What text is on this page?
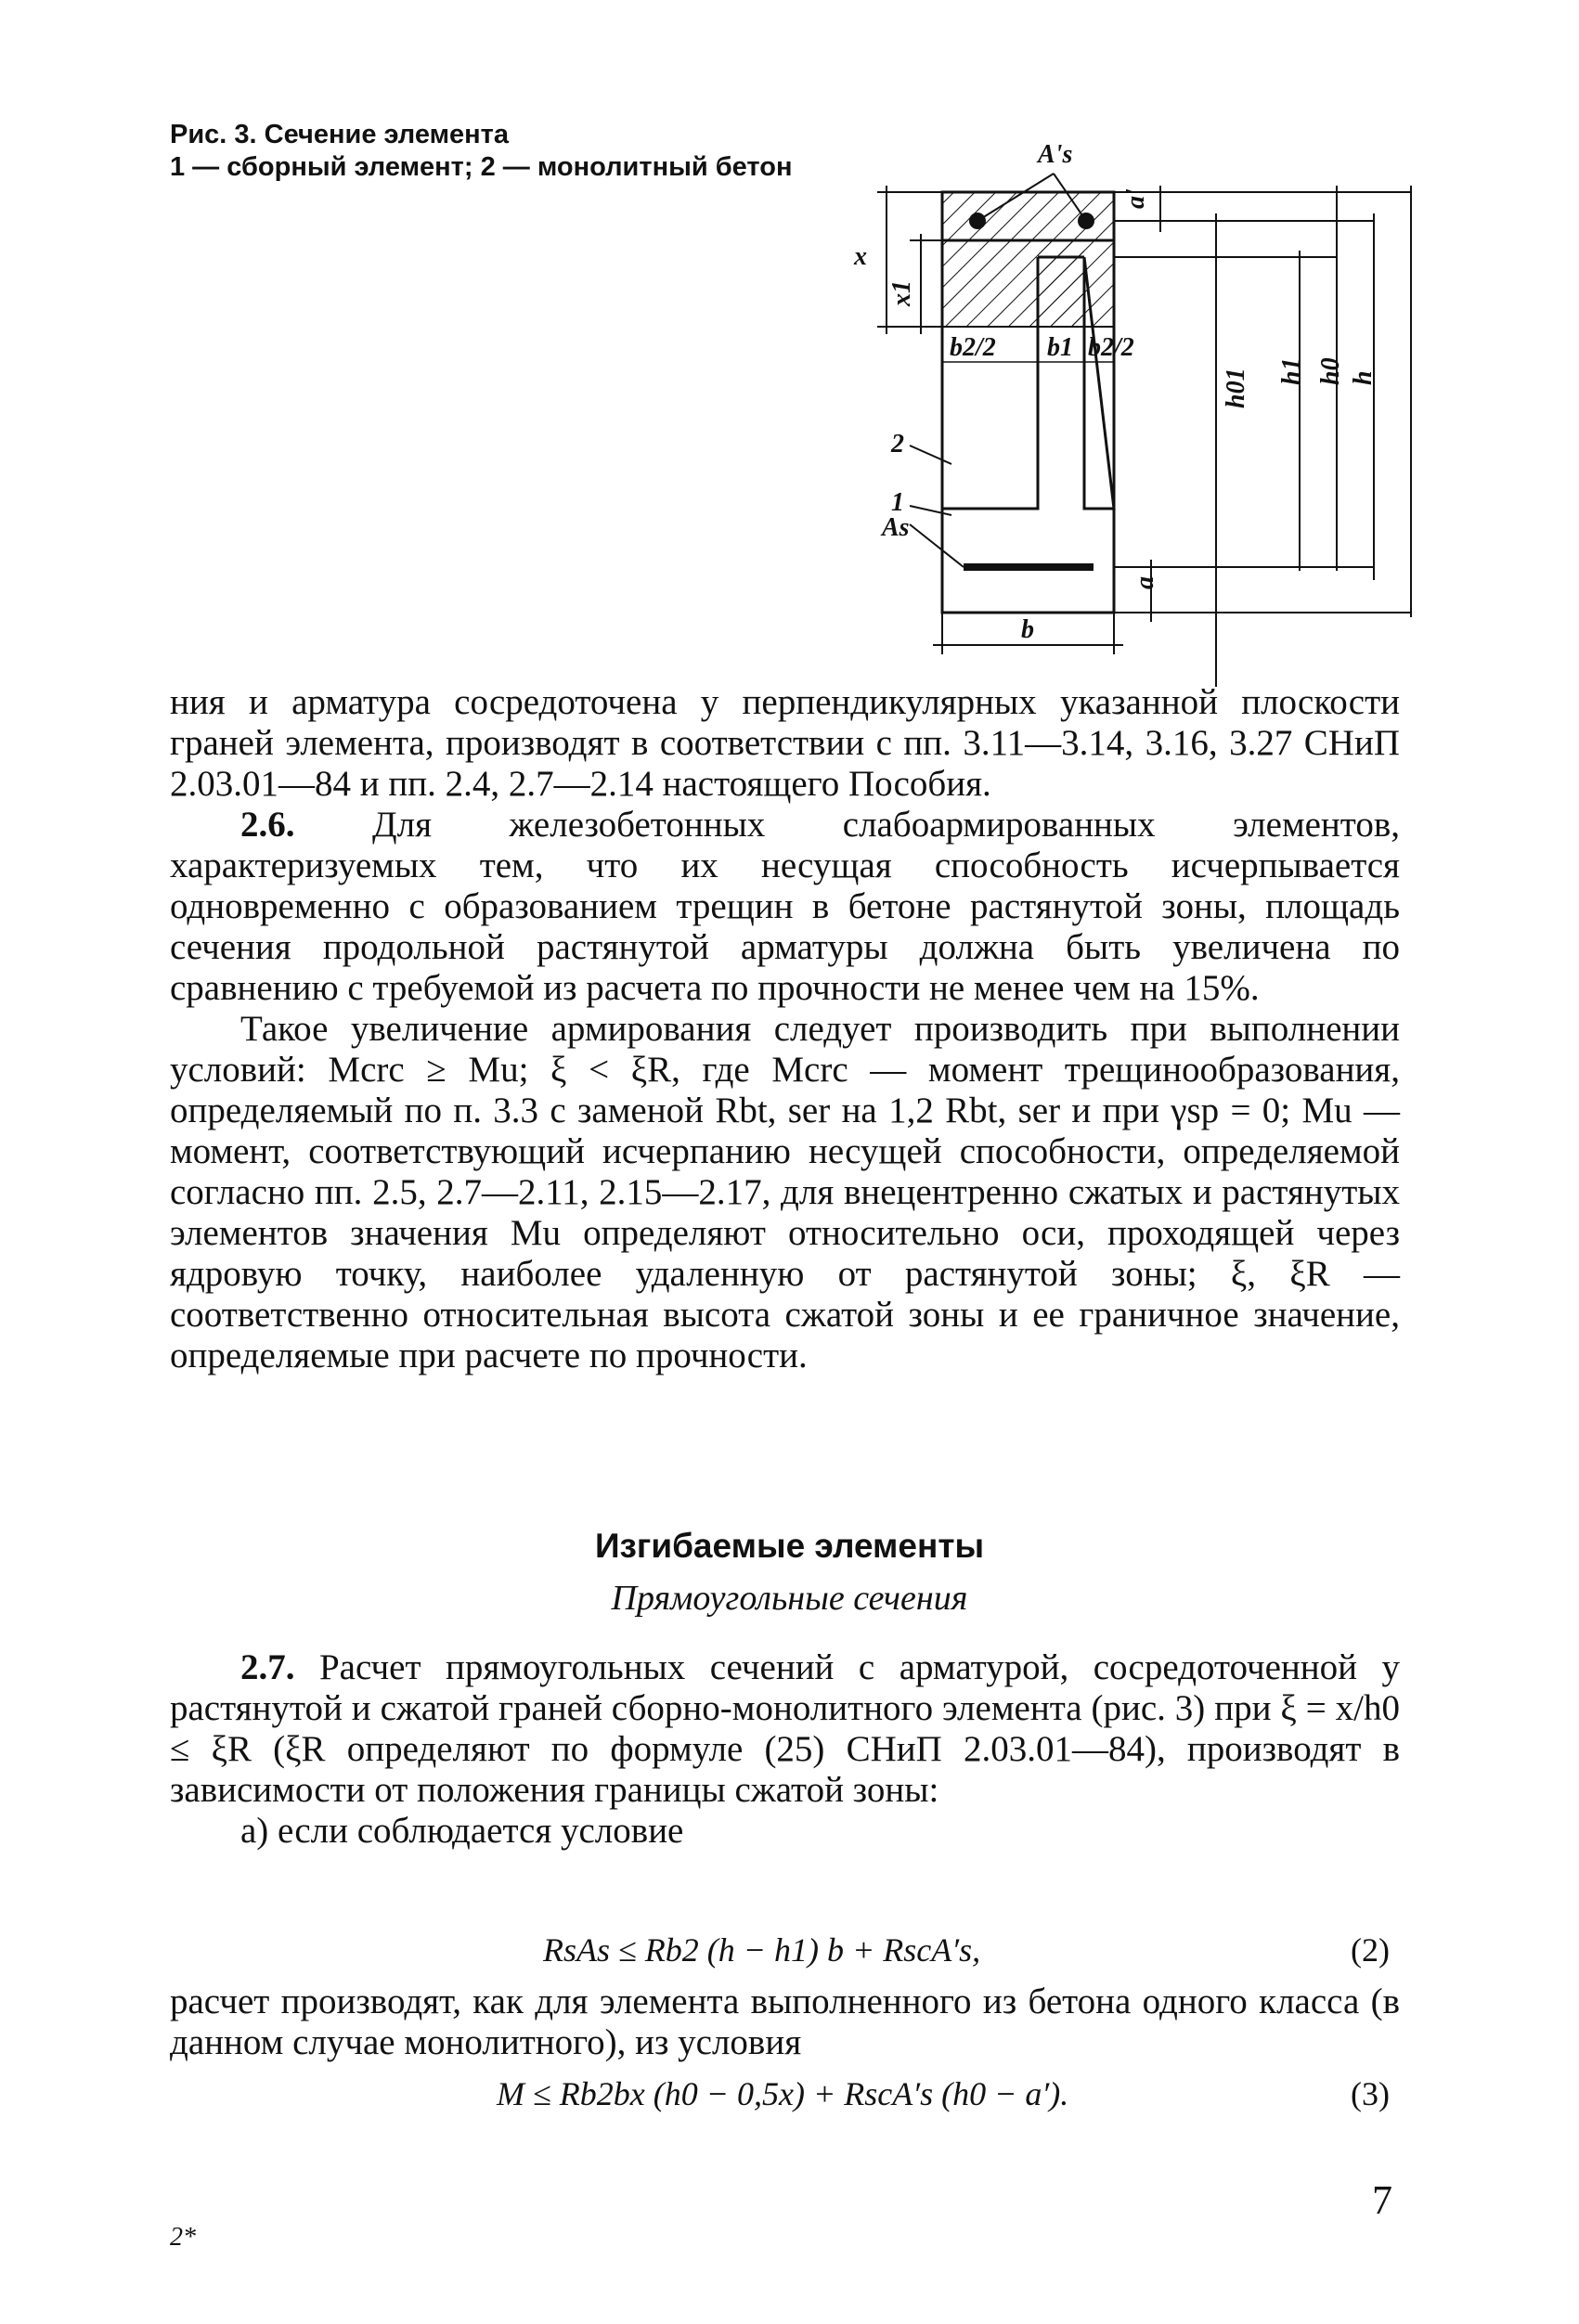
Рис. 3. Сечение элемента
1 — сборный элемент; 2 — монолитный бетон	A's
a'
x
x1
b2/2 b1 b2/2
h01 h1 h0 h
a
b
2
1
As

ния и арматура сосредоточена у перпендикулярных указанной плоскости граней элемента, производят в соответствии с пп. 3.11—3.14, 3.16, 3.27 СНиП 2.03.01—84 и пп. 2.4, 2.7—2.14 настоящего Пособия.

2.6. Для железобетонных слабоармированных элементов, характеризуемых тем, что их несущая способность исчерпывается одновременно с образованием трещин в бетоне растянутой зоны, площадь сечения продольной растянутой арматуры должна быть увеличена по сравнению с требуемой из расчета по прочности не менее чем на 15%.

Такое увеличение армирования следует производить при выполнении условий: Mcrc ≥ Mu; ξ < ξR, где Mcrc — момент трещинообразования, определяемый по п. 3.3 с заменой Rbt, ser на 1,2 Rbt, ser и при γsp = 0; Mu — момент, соответствующий исчерпанию несущей способности, определяемой согласно пп. 2.5, 2.7—2.11, 2.15—2.17, для внецентренно сжатых и растянутых элементов значения Mu определяют относительно оси, проходящей через ядровую точку, наиболее удаленную от растянутой зоны; ξ, ξR — соответственно относительная высота сжатой зоны и ее граничное значение, определяемые при расчете по прочности.

Изгибаемые элементы
Прямоугольные сечения

2.7. Расчет прямоугольных сечений с арматурой, сосредоточенной у растянутой и сжатой граней сборно-монолитного элемента (рис. 3) при ξ = x/h0 ≤ ξR (ξR определяют по формуле (25) СНиП 2.03.01—84), производят в зависимости от положения границы сжатой зоны:

а) если соблюдается условие

RsAs ≤ Rb2 (h − h1) b + RscA′s,	(2)

расчет производят, как для элемента выполненного из бетона одного класса (в данном случае монолитного), из условия

M ≤ Rb2bx (h0 − 0,5x) + RscA′s (h0 − a′).	(3)
7
2*
